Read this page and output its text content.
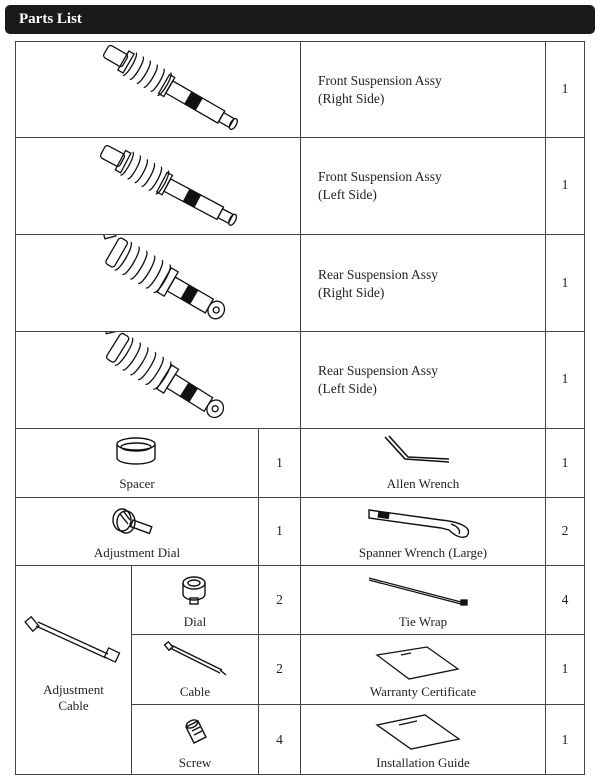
Parts List
Front Suspension Assy
(Right Side)
1
Front Suspension Assy
(Left Side)
1
Rear Suspension Assy
(Right Side)
1
Rear Suspension Assy
(Left Side)
1
Spacer
1
Allen Wrench
1
Adjustment Dial
1
Spanner Wrench (Large)
2
Adjustment
Cable
Dial
2
Tie Wrap
4
Cable
2
Warranty Certificate
1
Screw
4
Installation Guide
1
